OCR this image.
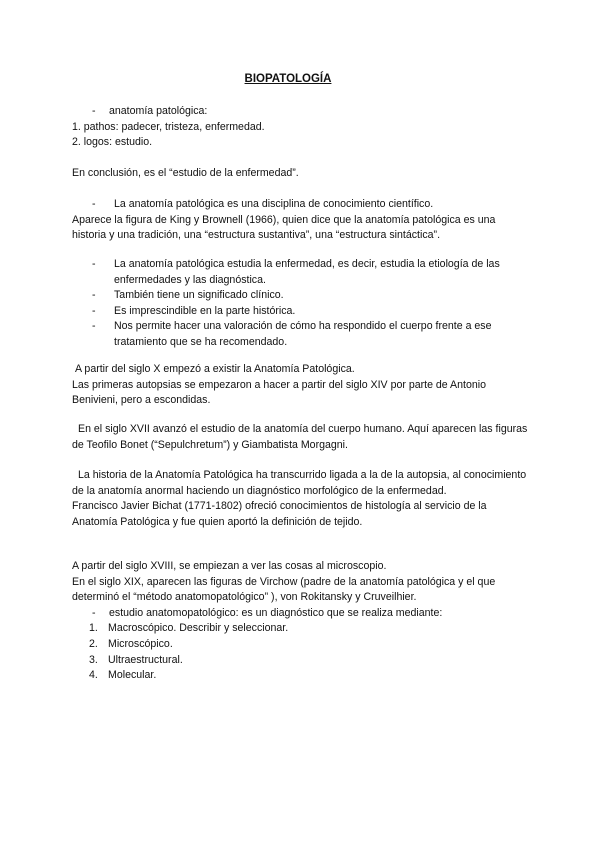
BIOPATOLOGÍA

- anatomía patológica:

1. pathos: padecer, tristeza, enfermedad.

2. logos: estudio.

En conclusión, es el “estudio de la enfermedad”.

- La anatomía patológica es una disciplina de conocimiento científico.

Aparece la figura de King y Brownell (1966), quien dice que la anatomía patológica es una historia y una tradición, una “estructura sustantiva”, una “estructura sintáctica”.

- La anatomía patológica estudia la enfermedad, es decir, estudia la etiología de las enfermedades y las diagnóstica.

- También tiene un significado clínico.

- Es imprescindible en la parte histórica.

- Nos permite hacer una valoración de cómo ha respondido el cuerpo frente a ese tratamiento que se ha recomendado.

A partir del siglo X empezó a existir la Anatomía Patológica.

Las primeras autopsias se empezaron a hacer a partir del siglo XIV por parte de Antonio Benivieni, pero a escondidas.

En el siglo XVII avanzó el estudio de la anatomía del cuerpo humano. Aquí aparecen las figuras de Teofilo Bonet (“Sepulchretum”) y Giambatista Morgagni.

La historia de la Anatomía Patológica ha transcurrido ligada a la de la autopsia, al conocimiento de la anatomía anormal haciendo un diagnóstico morfológico de la enfermedad.

Francisco Javier Bichat (1771-1802) ofreció conocimientos de histología al servicio de la Anatomía Patológica y fue quien aportó la definición de tejido.

A partir del siglo XVIII, se empiezan a ver las cosas al microscopio.

En el siglo XIX, aparecen las figuras de Virchow (padre de la anatomía patológica y el que determinó el “método anatomopatológico” ), von Rokitansky y Cruveilhier.

- estudio anatomopatológico: es un diagnóstico que se realiza mediante:

1. Macroscópico. Describir y seleccionar.

2. Microscópico.

3. Ultraestructural.

4. Molecular.
